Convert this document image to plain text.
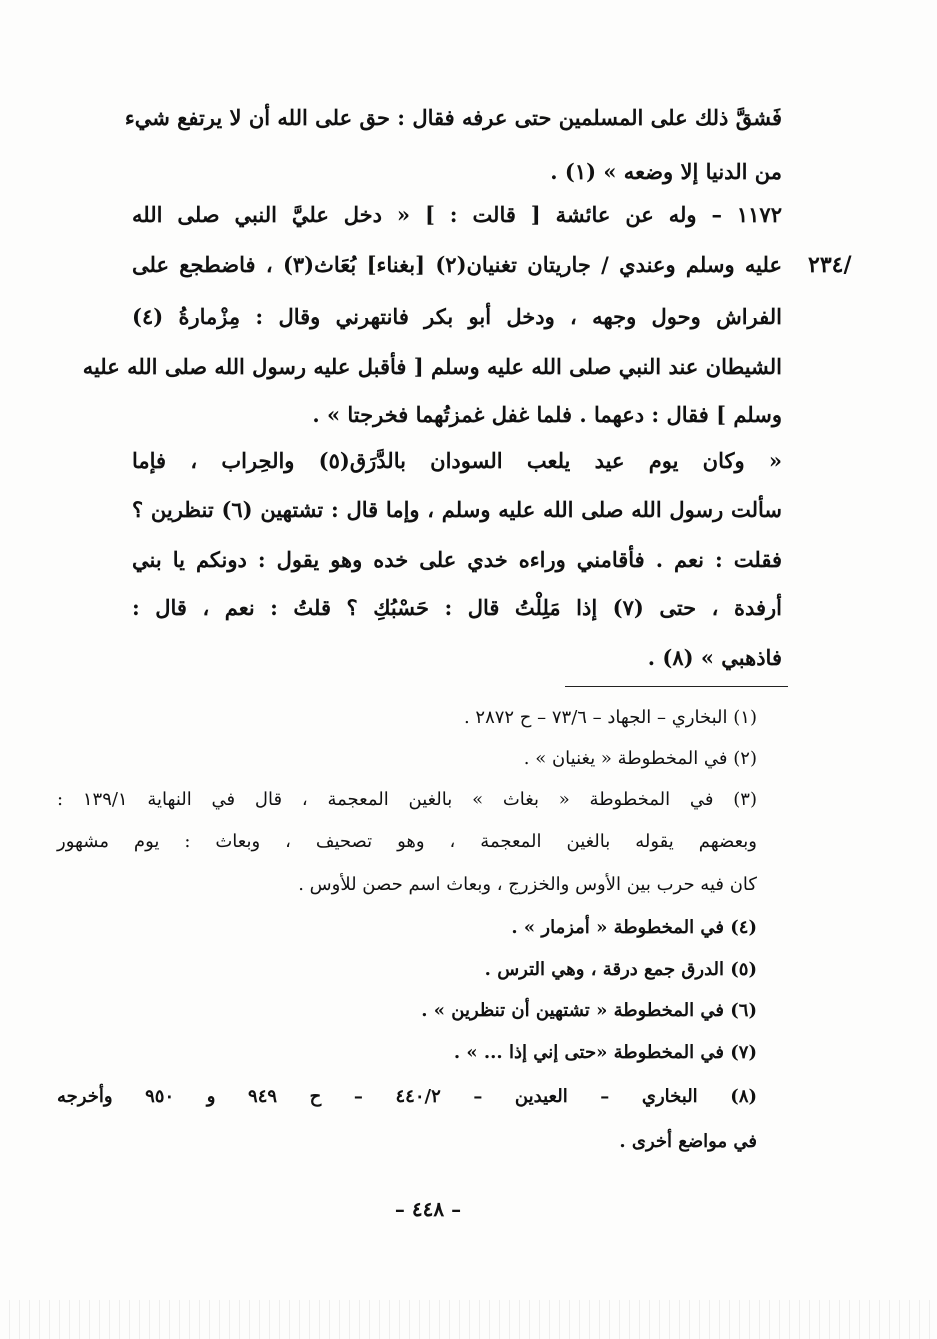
فَشقَّ ذلك على المسلمين حتى عرفه فقال : حق على الله أن لا يرتفع شيء
من الدنيا إلا وضعه » (١) .
١١٧٢ – وله عن عائشة [ قالت : ] « دخل عليَّ النبي صلى الله
عليه وسلم وعندي / جاريتان تغنيان(٢) [بغناء] بُعَاث(٣) ، فاضطجع على
الفراش وحول وجهه ، ودخل أبو بكر فانتهرني وقال : مِزْمارةُ (٤)
الشيطان عند النبي صلى الله عليه وسلم [ فأقبل عليه رسول الله صلى الله عليه
وسلم ] فقال : دعهما . فلما غفل غمزتُهما فخرجتا » .
« وكان يوم عيد يلعب السودان بالدَّرَق(٥) والحِراب ، فإما
سألت رسول الله صلى الله عليه وسلم ، وإما قال : تشتهين (٦) تنظرين ؟
فقلت : نعم . فأقامني وراءه خدي على خده وهو يقول : دونكم يا بني
أرفدة ، حتى (٧) إذا مَلِلْتُ قال : حَسْبُكِ ؟ قلتُ : نعم ، قال :
فاذهبي » (٨) .
/٢٣٤
(١) البخاري – الجهاد – ٧٣/٦ – ح ٢٨٧٢ .
(٢) في المخطوطة « يغنيان » .
(٣) في المخطوطة « بغاث » بالغين المعجمة ، قال في النهاية ١٣٩/١ :
وبعضهم يقوله بالغين المعجمة ، وهو تصحيف ، وبعاث : يوم مشهور
كان فيه حرب بين الأوس والخزرج ، وبعاث اسم حصن للأوس .
(٤) في المخطوطة « أمزمار » .
(٥) الدرق جمع درقة ، وهي الترس .
(٦) في المخطوطة « تشتهين أن تنظرين » .
(٧) في المخطوطة «حتى إني إذا ... » .
(٨) البخاري – العيدين – ٤٤٠/٢ – ح ٩٤٩ و ٩٥٠ وأخرجه
في مواضع أخرى .
– ٤٤٨ –
